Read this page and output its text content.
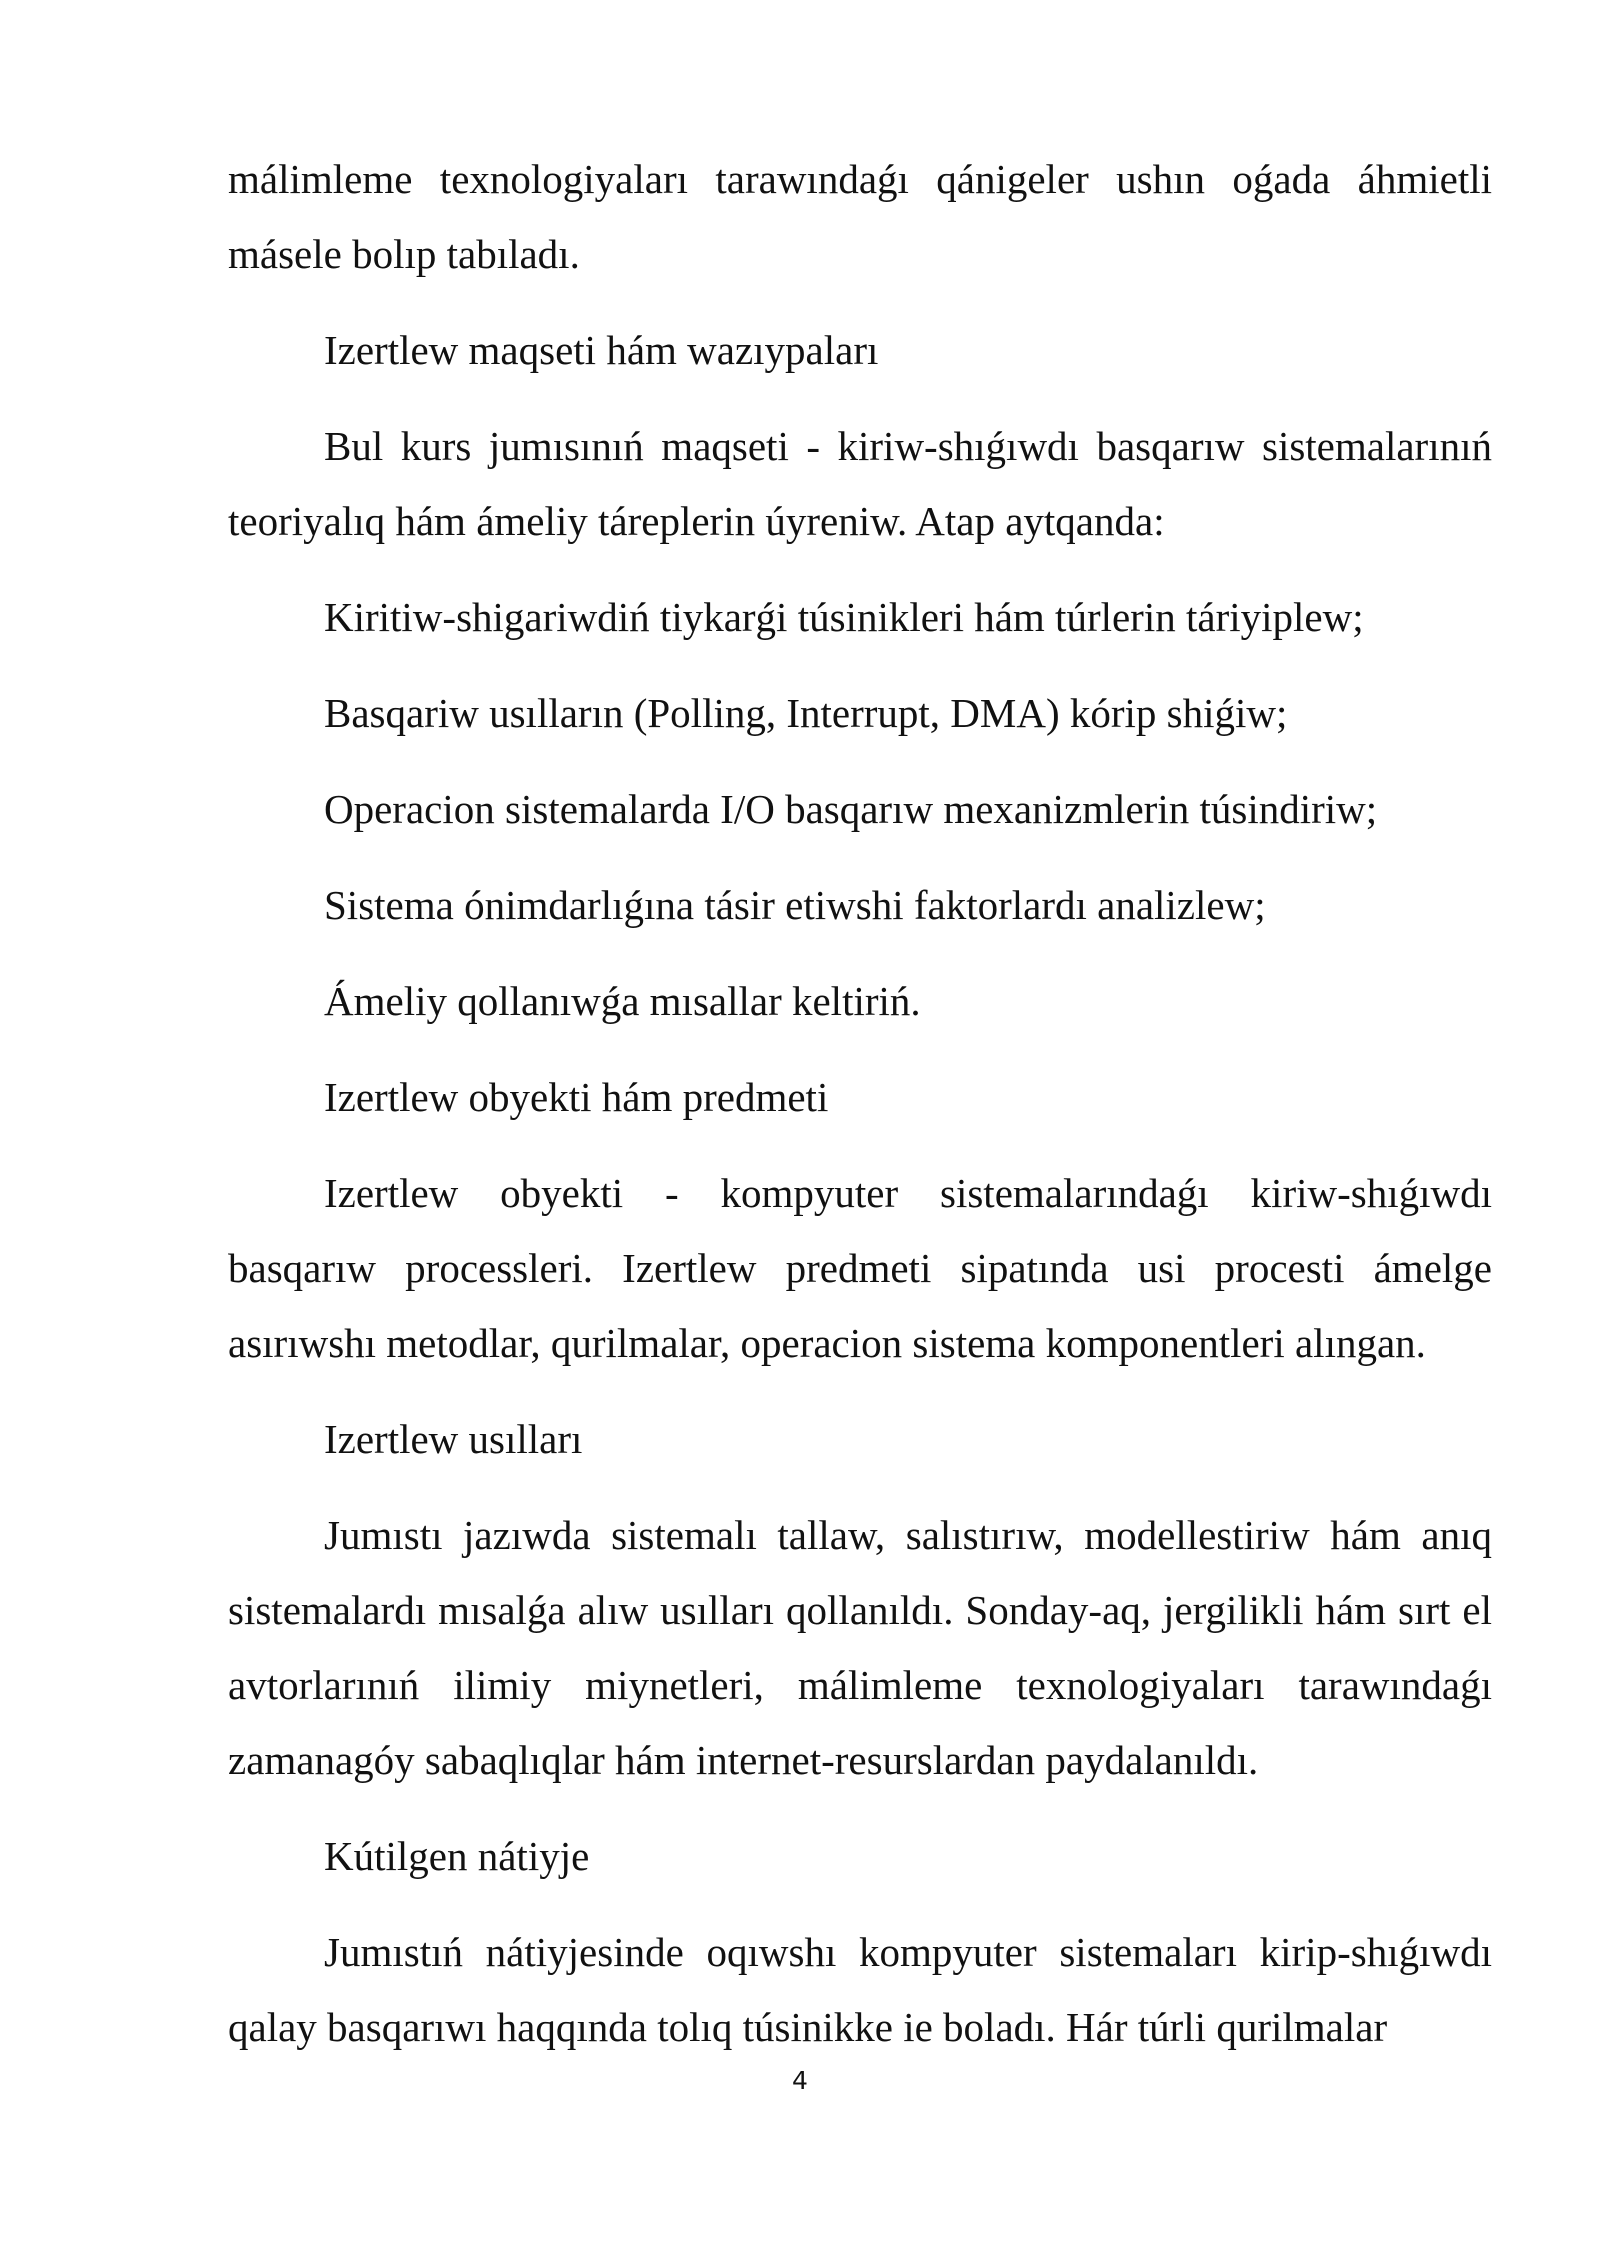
málimleme texnologiyaları tarawındaǵı qánigeler ushın oǵada áhmietli másele bolıp tabıladı.

Izertlew maqseti hám wazıypaları

Bul kurs jumısınıń maqseti - kiriw-shıǵıwdı basqarıw sistemalarınıń teoriyalıq hám ámeliy táreplerin úyreniw. Atap aytqanda:

Kiritiw-shigariwdiń tiykarǵi túsinikleri hám túrlerin táriyiplew;

Basqariw usılların (Polling, Interrupt, DMA) kórip shiǵiw;

Operacion sistemalarda I/O basqarıw mexanizmlerin túsindiriw;

Sistema ónimdarlıǵına tásir etiwshi faktorlardı analizlew;

Ámeliy qollanıwǵa mısallar keltiriń.

Izertlew obyekti hám predmeti

Izertlew obyekti - kompyuter sistemalarındaǵı kiriw-shıǵıwdı basqarıw processleri. Izertlew predmeti sipatında usi procesti ámelge asırıwshı metodlar, qurilmalar, operacion sistema komponentleri alıngan.

Izertlew usılları

Jumıstı jazıwda sistemalı tallaw, salıstırıw, modellestiriw hám anıq sistemalardı mısalǵa alıw usılları qollanıldı. Sonday-aq, jergilikli hám sırt el avtorlarınıń ilimiy miynetleri, málimleme texnologiyaları tarawındaǵı zamanagóy sabaqlıqlar hám internet-resurslardan paydalanıldı.

Kútilgen nátiyje

Jumıstıń nátiyjesinde oqıwshı kompyuter sistemaları kirip-shıǵıwdı qalay basqarıwı haqqında tolıq túsinikke ie boladı. Hár túrli qurilmalar

4
